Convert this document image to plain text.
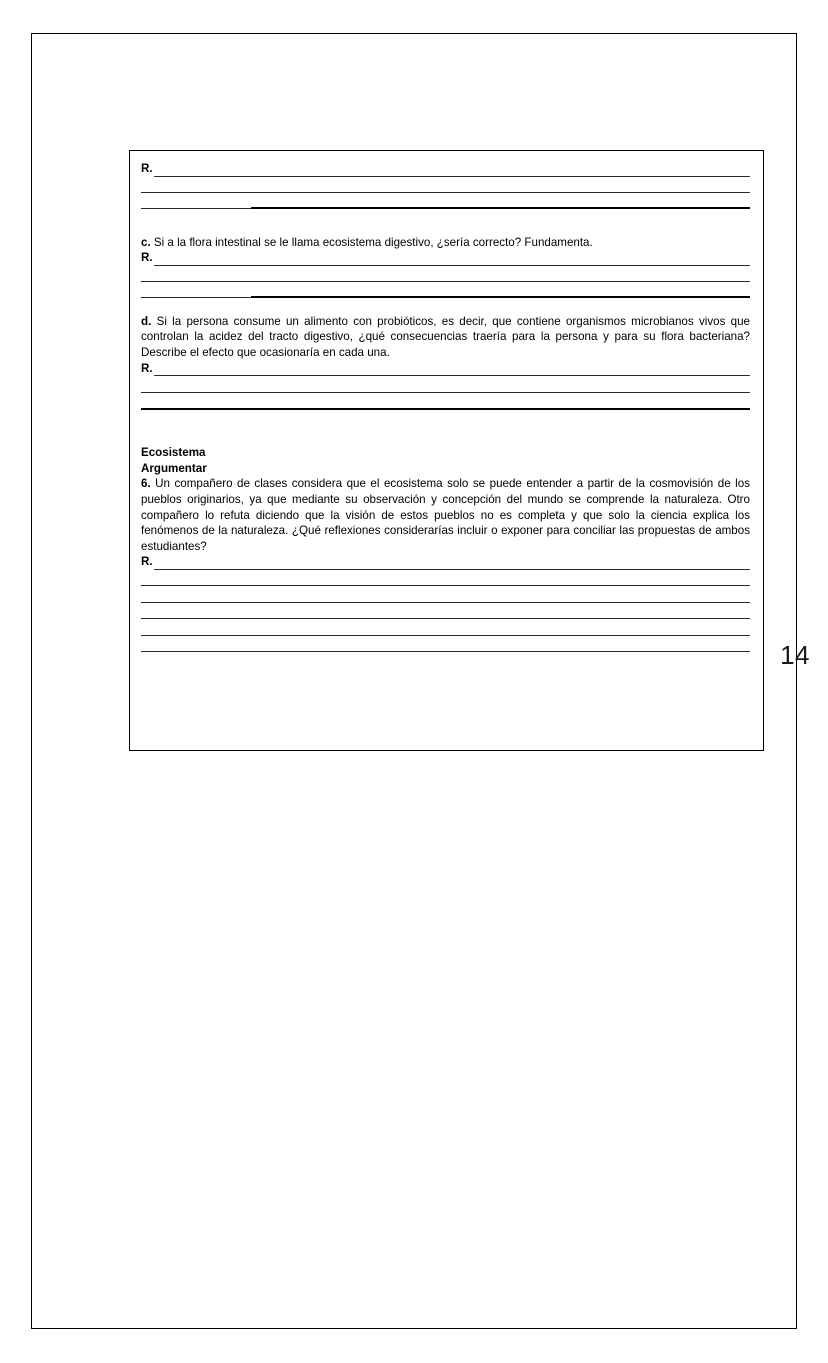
R.

c. Si a la flora intestinal se le llama ecosistema digestivo, ¿sería correcto? Fundamenta.

R.

d. Si la persona consume un alimento con probióticos, es decir, que contiene organismos microbianos vivos que controlan la acidez del tracto digestivo, ¿qué consecuencias traería para la persona y para su flora bacteriana? Describe el efecto que ocasionaría en cada una.

R.

Ecosistema

Argumentar

6. Un compañero de clases considera que el ecosistema solo se puede entender a partir de la cosmovisión de los pueblos originarios, ya que mediante su observación y concepción del mundo se comprende la naturaleza. Otro compañero lo refuta diciendo que la visión de estos pueblos no es completa y que solo la ciencia explica los fenómenos de la naturaleza. ¿Qué reflexiones considerarías incluir o exponer para conciliar las propuestas de ambos estudiantes?

R.
14
